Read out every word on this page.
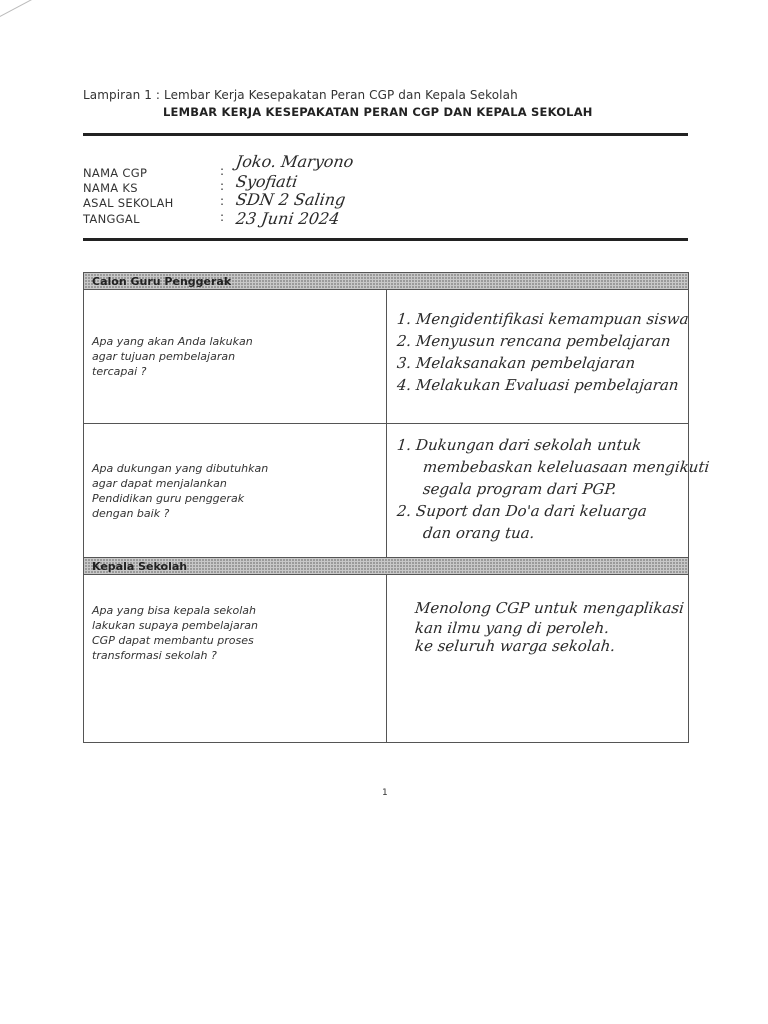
Lampiran 1 : Lembar Kerja Kesepakatan Peran CGP dan Kepala Sekolah
LEMBAR KERJA KESEPAKATAN PERAN CGP DAN KEPALA SEKOLAH
NAMA CGP	: Joko. Maryono
NAMA KS	: Syofiati
ASAL SEKOLAH	: SDN 2 Saling
TANGGAL	: 23 Juni 2024
Calon Guru Penggerak	

Apa yang akan Anda lakukan
agar tujuan pembelajaran
tercapai ?	1. Mengidentifikasi kemampuan siswa
2. Menyusun rencana pembelajaran
3. Melaksanakan pembelajaran
4. Melakukan Evaluasi pembelajaran

Apa dukungan yang dibutuhkan
agar dapat menjalankan
Pendidikan guru penggerak
dengan baik ?	1. Dukungan dari sekolah untuk
membebaskan keleluasaan mengikuti
segala program dari PGP.
2. Suport dan Do'a dari keluarga
dan orang tua.

Kepala Sekolah	

Apa yang bisa kepala sekolah
lakukan supaya pembelajaran
CGP dapat membantu proses
transformasi sekolah ?	Menolong CGP untuk mengaplikasi
kan ilmu yang di peroleh.
ke seluruh warga sekolah.
1
